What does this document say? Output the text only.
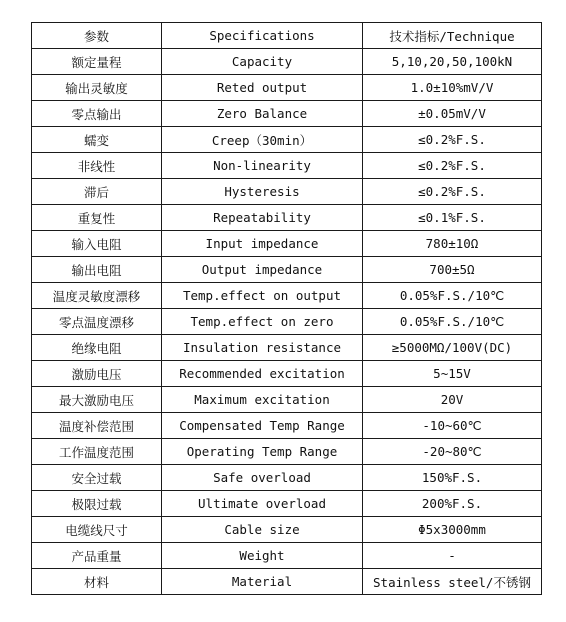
参数	Specifications	技术指标/Technique
额定量程	Capacity	5,10,20,50,100kN
输出灵敏度	Reted output	1.0±10%mV/V
零点输出	Zero Balance	±0.05mV/V
蠕变	Creep（30min）	≤0.2%F.S.
非线性	Non-linearity	≤0.2%F.S.
滞后	Hysteresis	≤0.2%F.S.
重复性	Repeatability	≤0.1%F.S.
输入电阻	Input impedance	780±10Ω
输出电阻	Output impedance	700±5Ω
温度灵敏度漂移	Temp.effect on output	0.05%F.S./10℃
零点温度漂移	Temp.effect on zero	0.05%F.S./10℃
绝缘电阻	Insulation resistance	≥5000MΩ/100V(DC)
激励电压	Recommended excitation	5~15V
最大激励电压	Maximum excitation	20V
温度补偿范围	Compensated Temp Range	-10~60℃
工作温度范围	Operating Temp Range	-20~80℃
安全过载	Safe overload	150%F.S.
极限过载	Ultimate overload	200%F.S.
电缆线尺寸	Cable size	Φ5x3000mm
产品重量	Weight	-
材料	Material	Stainless steel/不锈钢
